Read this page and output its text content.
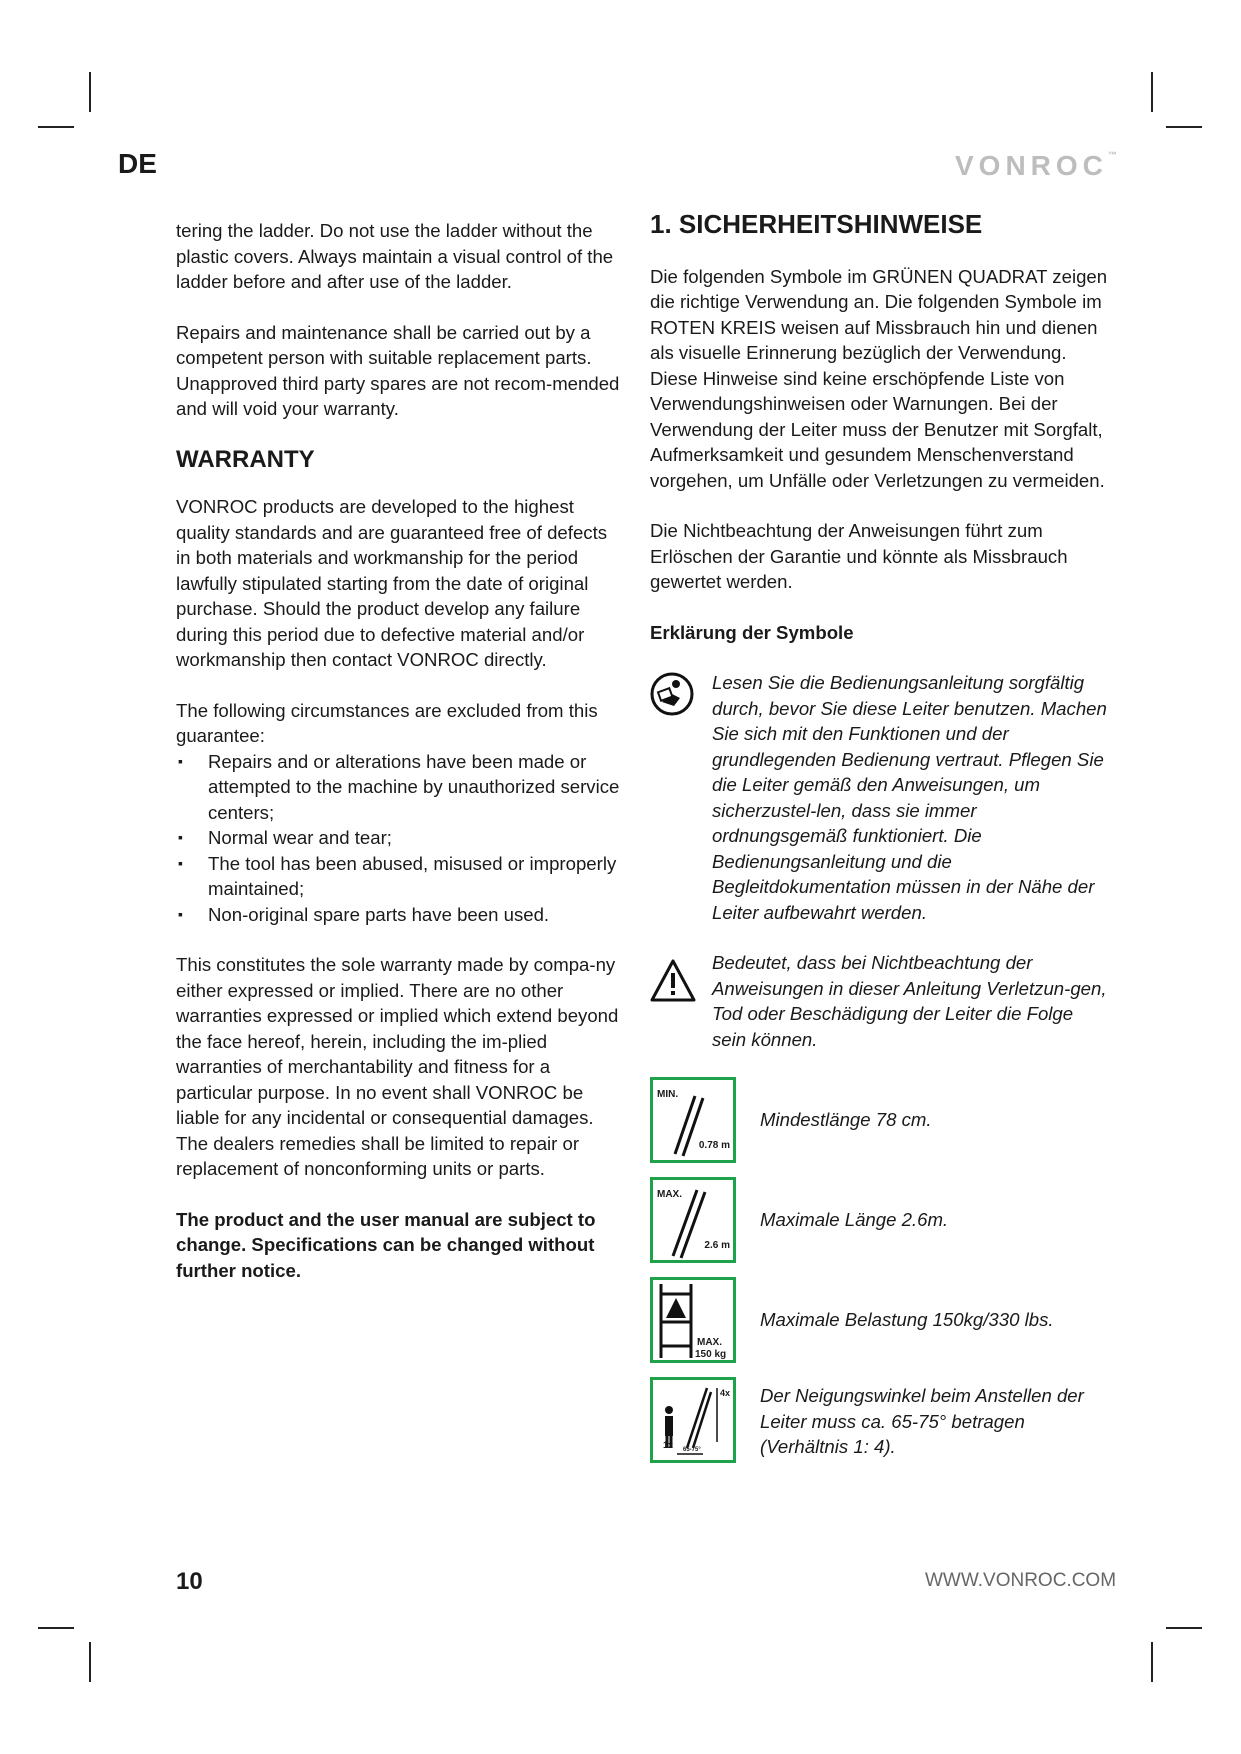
DE	VONROC™

tering the ladder. Do not use the ladder without the plastic covers. Always maintain a visual control of the ladder before and after use of the ladder.

Repairs and maintenance shall be carried out by a competent person with suitable replacement parts. Unapproved third party spares are not recom-mended and will void your warranty.

WARRANTY

VONROC products are developed to the highest quality standards and are guaranteed free of defects in both materials and workmanship for the period lawfully stipulated starting from the date of original purchase. Should the product develop any failure during this period due to defective material and/or workmanship then contact VONROC directly.

The following circumstances are excluded from this guarantee:

▪ Repairs and or alterations have been made or attempted to the machine by unauthorized service centers;
▪ Normal wear and tear;
▪ The tool has been abused, misused or improperly maintained;
▪ Non-original spare parts have been used.

This constitutes the sole warranty made by compa-ny either expressed or implied. There are no other warranties expressed or implied which extend beyond the face hereof, herein, including the im-plied warranties of merchantability and fitness for a particular purpose. In no event shall VONROC be liable for any incidental or consequential damages. The dealers remedies shall be limited to repair or replacement of nonconforming units or parts.

The product and the user manual are subject to change. Specifications can be changed without further notice.

1. SICHERHEITSHINWEISE

Die folgenden Symbole im GRÜNEN QUADRAT zeigen die richtige Verwendung an. Die folgenden Symbole im ROTEN KREIS weisen auf Missbrauch hin und dienen als visuelle Erinnerung bezüglich der Verwendung. Diese Hinweise sind keine erschöpfende Liste von Verwendungshinweisen oder Warnungen. Bei der Verwendung der Leiter muss der Benutzer mit Sorgfalt, Aufmerksamkeit und gesundem Menschenverstand vorgehen, um Unfälle oder Verletzungen zu vermeiden.

Die Nichtbeachtung der Anweisungen führt zum Erlöschen der Garantie und könnte als Missbrauch gewertet werden.

Erklärung der Symbole

Lesen Sie die Bedienungsanleitung sorgfältig durch, bevor Sie diese Leiter benutzen. Machen Sie sich mit den Funktionen und der grundlegenden Bedienung vertraut. Pflegen Sie die Leiter gemäß den Anweisungen, um sicherzustel-len, dass sie immer ordnungsgemäß funktioniert. Die Bedienungsanleitung und die Begleitdokumentation müssen in der Nähe der Leiter aufbewahrt werden.

Bedeutet, dass bei Nichtbeachtung der Anweisungen in dieser Anleitung Verletzun-gen, Tod oder Beschädigung der Leiter die Folge sein können.

MIN.
0.78 m

Mindestlänge 78 cm.

MAX.
2.6 m

Maximale Länge 2.6m.

MAX.
150 kg

Maximale Belastung 150kg/330 lbs.

4x
65-75°
1x

Der Neigungswinkel beim Anstellen der Leiter muss ca. 65-75° betragen (Verhältnis 1: 4).

10	WWW.VONROC.COM
